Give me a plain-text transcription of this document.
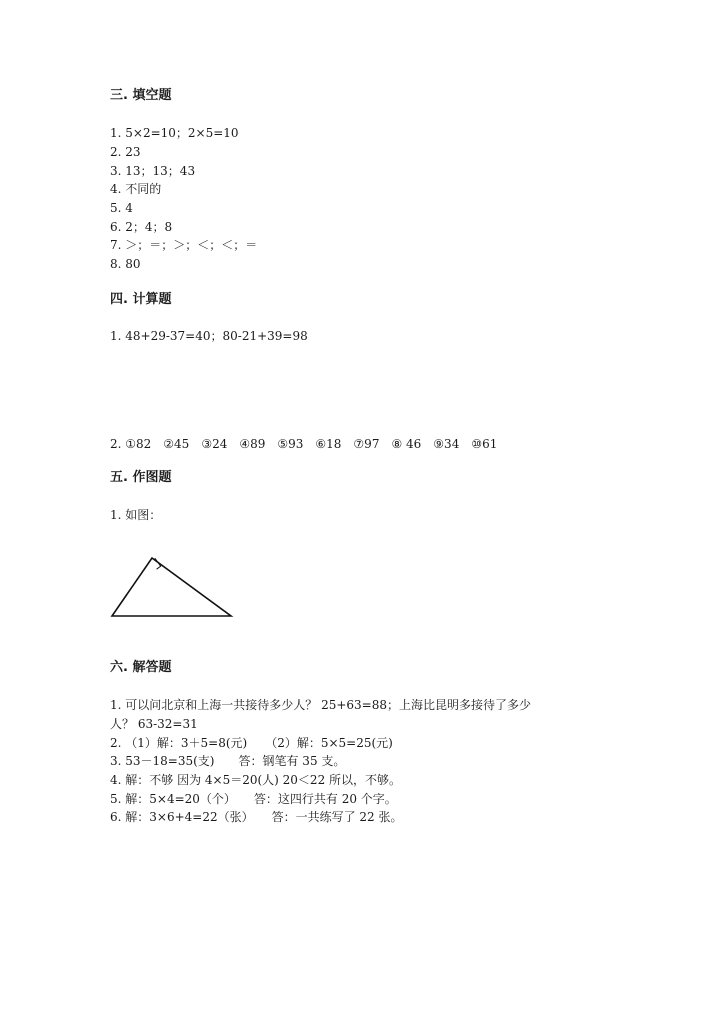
三. 填空题
1. 5×2=10；2×5=10
2. 23
3. 13；13；43
4. 不同的
5. 4
6. 2；4；8
7. ＞；＝；＞；＜；＜；＝
8. 80
四. 计算题
1. 48+29-37=40；80-21+39=98
2. ①82　②45　③24　④89　⑤93　⑥18　⑦97　⑧ 46　⑨34　⑩61
五. 作图题
1. 如图：
六. 解答题
1. 可以问北京和上海一共接待多少人？ 25+63=88；上海比昆明多接待了多少
人？ 63-32=31
2. （1）解：3＋5=8(元)　　（2）解：5×5=25(元)
3. 53－18=35(支)　　答：钢笔有 35 支。
4. 解：不够 因为 4×5＝20(人) 20＜22 所以，不够。
5. 解：5×4=20（个）　　答：这四行共有 20 个字。
6. 解：3×6+4=22（张）　　答：一共练写了 22 张。
